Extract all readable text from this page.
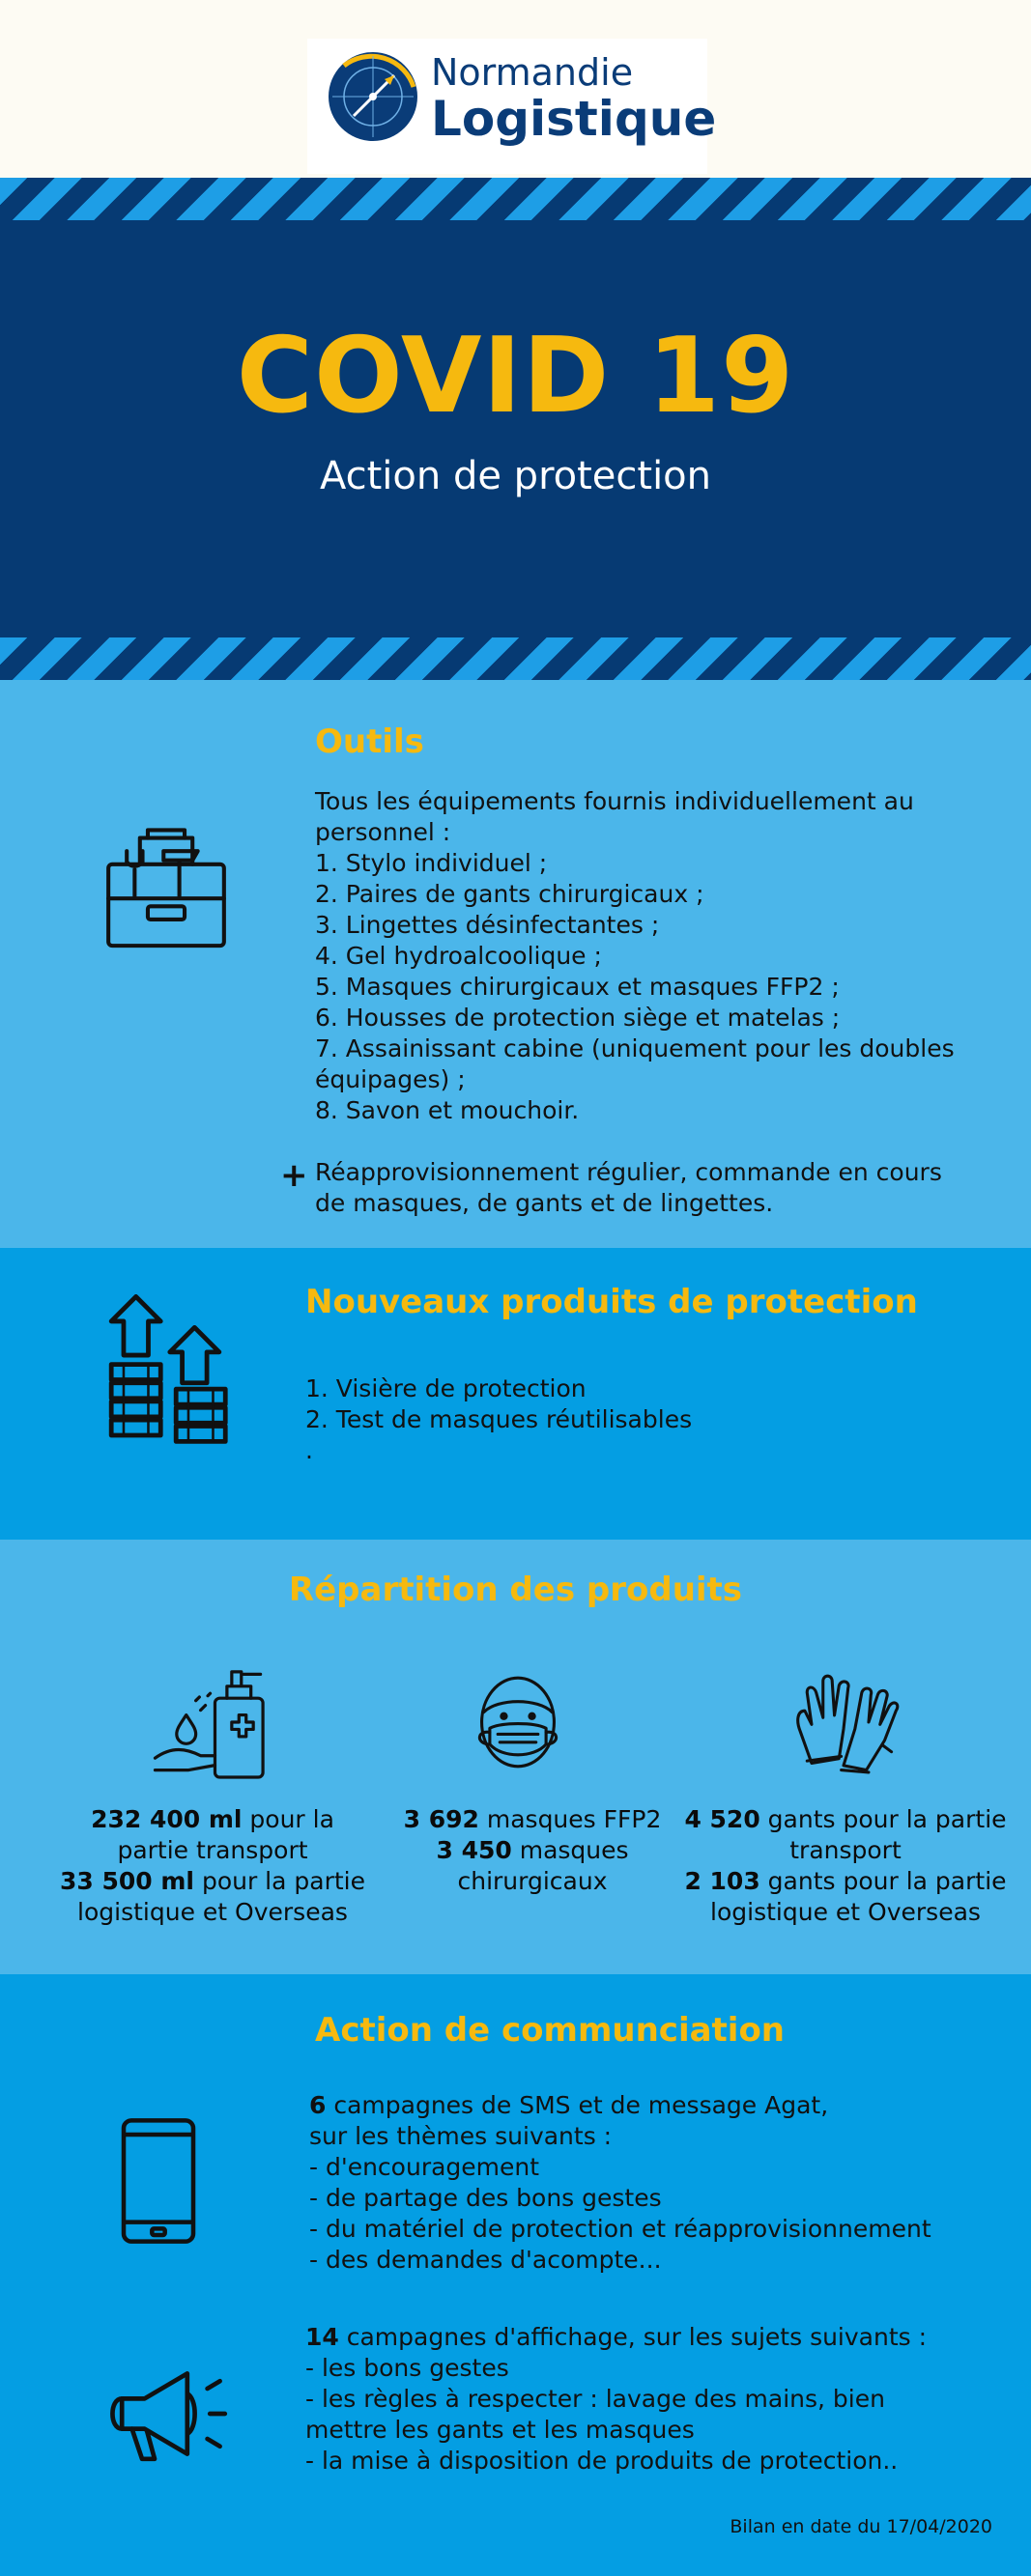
Normandie
Logistique
COVID 19
Action de protection
Outils
Tous les équipements fournis individuellement au
personnel :
1. Stylo individuel ;
2. Paires de gants chirurgicaux ;
3. Lingettes désinfectantes ;
4. Gel hydroalcoolique ;
5. Masques chirurgicaux et masques FFP2 ;
6. Housses de protection siège et matelas ;
7. Assainissant cabine (uniquement pour les doubles
équipages) ;
8. Savon et mouchoir.
+ Réapprovisionnement régulier, commande en cours
de masques, de gants et de lingettes.
Nouveaux produits de protection
1. Visière de protection
2. Test de masques réutilisables
.
Répartition des produits
232 400 ml pour la
partie transport
33 500 ml pour la partie
logistique et Overseas
3 692 masques FFP2
3 450 masques
chirurgicaux
4 520 gants pour la partie
transport
2 103 gants pour la partie
logistique et Overseas
Action de communciation
6 campagnes de SMS et de message Agat,
sur les thèmes suivants :
- d'encouragement
- de partage des bons gestes
- du matériel de protection et réapprovisionnement
- des demandes d'acompte...
14 campagnes d'affichage, sur les sujets suivants :
- les bons gestes
- les règles à respecter : lavage des mains, bien
mettre les gants et les masques
- la mise à disposition de produits de protection..
Bilan en date du 17/04/2020
